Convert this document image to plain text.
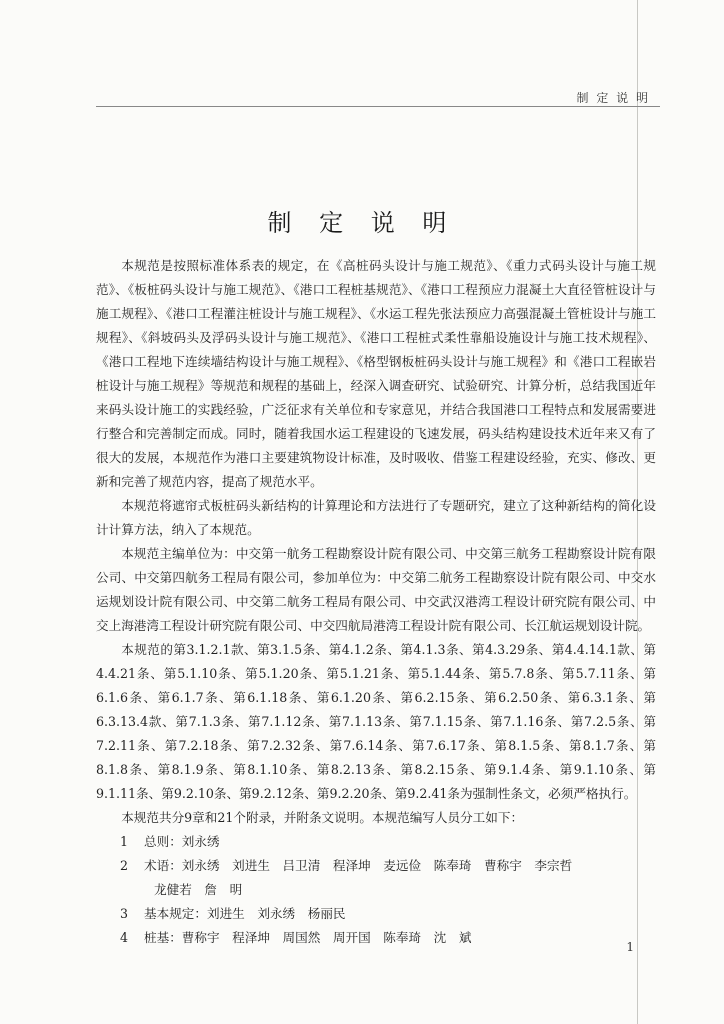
制 定 说 明
制 定 说 明

本规范是按照标准体系表的规定，在《高桩码头设计与施工规范》、《重力式码头设计与施工规范》、《板桩码头设计与施工规范》、《港口工程桩基规范》、《港口工程预应力混凝土大直径管桩设计与施工规程》、《港口工程灌注桩设计与施工规程》、《水运工程先张法预应力高强混凝土管桩设计与施工规程》、《斜坡码头及浮码头设计与施工规范》、《港口工程桩式柔性靠船设施设计与施工技术规程》、《港口工程地下连续墙结构设计与施工规程》、《格型钢板桩码头设计与施工规程》和《港口工程嵌岩桩设计与施工规程》等规范和规程的基础上，经深入调查研究、试验研究、计算分析，总结我国近年来码头设计施工的实践经验，广泛征求有关单位和专家意见，并结合我国港口工程特点和发展需要进行整合和完善制定而成。同时，随着我国水运工程建设的飞速发展，码头结构建设技术近年来又有了很大的发展，本规范作为港口主要建筑物设计标准，及时吸收、借鉴工程建设经验，充实、修改、更新和完善了规范内容，提高了规范水平。

本规范将遮帘式板桩码头新结构的计算理论和方法进行了专题研究，建立了这种新结构的简化设计计算方法，纳入了本规范。

本规范主编单位为：中交第一航务工程勘察设计院有限公司、中交第三航务工程勘察设计院有限公司、中交第四航务工程局有限公司，参加单位为：中交第二航务工程勘察设计院有限公司、中交水运规划设计院有限公司、中交第二航务工程局有限公司、中交武汉港湾工程设计研究院有限公司、中交上海港湾工程设计研究院有限公司、中交四航局港湾工程设计院有限公司、长江航运规划设计院。

本规范的第3.1.2.1款、第3.1.5条、第4.1.2条、第4.1.3条、第4.3.29条、第4.4.14.1款、第4.4.21条、第5.1.10条、第5.1.20条、第5.1.21条、第5.1.44条、第5.7.8条、第5.7.11条、第6.1.6条、第6.1.7条、第6.1.18条、第6.1.20条、第6.2.15条、第6.2.50条、第6.3.1条、第6.3.13.4款、第7.1.3条、第7.1.12条、第7.1.13条、第7.1.15条、第7.1.16条、第7.2.5条、第7.2.11条、第7.2.18条、第7.2.32条、第7.6.14条、第7.6.17条、第8.1.5条、第8.1.7条、第8.1.8条、第8.1.9条、第8.1.10条、第8.2.13条、第8.2.15条、第9.1.4条、第9.1.10条、第9.1.11条、第9.2.10条、第9.2.12条、第9.2.20条、第9.2.41条为强制性条文，必须严格执行。

本规范共分9章和21个附录，并附条文说明。本规范编写人员分工如下：

1	总则：刘永绣
2	术语：刘永绣　刘进生　吕卫清　程泽坤　麦远俭　陈奉琦　曹称宇　李宗哲
龙健若　詹　明
3	基本规定：刘进生　刘永绣　杨丽民
4	桩基：曹称宇　程泽坤　周国然　周开国　陈奉琦　沈　斌
1
